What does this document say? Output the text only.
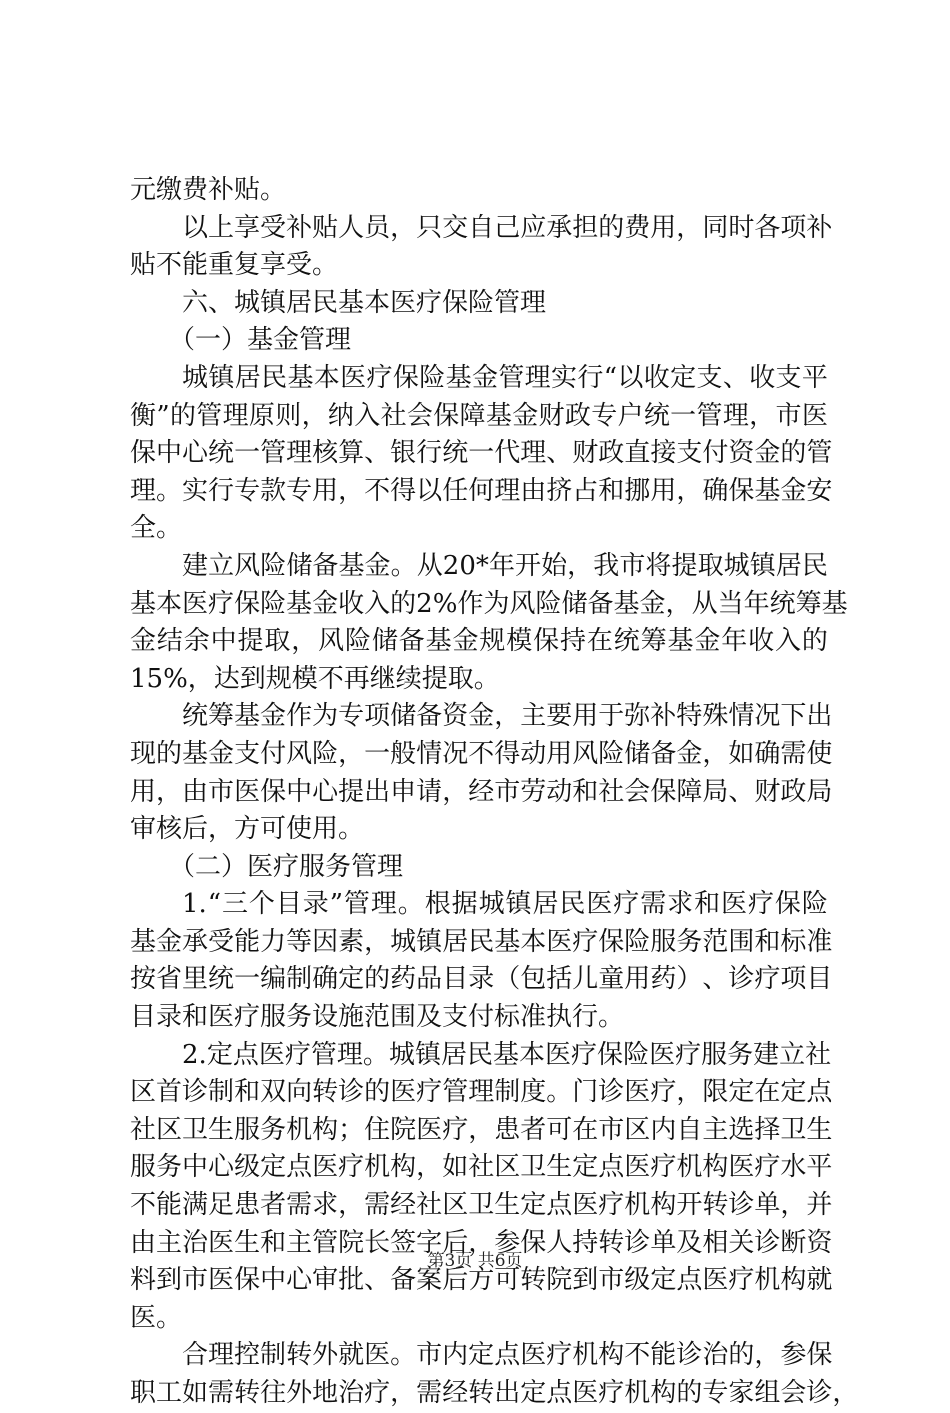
元缴费补贴。
以 上 享 受 补 贴 人 员 ， 只 交 自 己 应 承 担 的 费 用 ， 同 时 各 项 补
贴不能重复享受。
六、城镇居民基本医疗保险管理
（一）基金管理
城 镇 居 民 基 本 医 疗 保 险 基 金 管 理 实 行 “ 以 收 定 支 、 收 支 平
衡 ” 的 管 理 原 则 ， 纳 入 社 会 保 障 基 金 财 政 专 户 统 一 管 理 ， 市 医
保 中 心 统 一 管 理 核 算 、 银 行 统 一 代 理 、 财 政 直 接 支 付 资 金 的 管
理 。 实 行 专 款 专 用 ， 不 得 以 任 何 理 由 挤 占 和 挪 用 ， 确 保 基 金 安
全。
建 立 风 险 储 备 基 金 。 从 20* 年 开 始 ， 我 市 将 提 取 城 镇 居 民
基 本 医 疗 保 险 基 金 收 入 的 2% 作 为 风 险 储 备 基 金 ， 从 当 年 统 筹 基
金 结 余 中 提 取 ， 风 险 储 备 基 金 规 模 保 持 在 统 筹 基 金 年 收 入 的
15%，达到规模不再继续提取。
统 筹 基 金 作 为 专 项 储 备 资 金 ， 主 要 用 于 弥 补 特 殊 情 况 下 出
现 的 基 金 支 付 风 险 ， 一 般 情 况 不 得 动 用 风 险 储 备 金 ， 如 确 需 使
用 ， 由 市 医 保 中 心 提 出 申 请 ， 经 市 劳 动 和 社 会 保 障 局 、 财 政 局
审核后，方可使用。
（二）医疗服务管理
1. “ 三 个 目 录 ” 管 理 。 根 据 城 镇 居 民 医 疗 需 求 和 医 疗 保 险
基 金 承 受 能 力 等 因 素 ， 城 镇 居 民 基 本 医 疗 保 险 服 务 范 围 和 标 准
按 省 里 统 一 编 制 确 定 的 药 品 目 录 （ 包 括 儿 童 用 药 ） 、 诊 疗 项 目
目录和医疗服务设施范围及支付标准执行。
2. 定 点 医 疗 管 理 。 城 镇 居 民 基 本 医 疗 保 险 医 疗 服 务 建 立 社
区 首 诊 制 和 双 向 转 诊 的 医 疗 管 理 制 度 。 门 诊 医 疗 ， 限 定 在 定 点
社 区 卫 生 服 务 机 构 ； 住 院 医 疗 ， 患 者 可 在 市 区 内 自 主 选 择 卫 生
服 务 中 心 级 定 点 医 疗 机 构 ， 如 社 区 卫 生 定 点 医 疗 机 构 医 疗 水 平
不 能 满 足 患 者 需 求 ， 需 经 社 区 卫 生 定 点 医 疗 机 构 开 转 诊 单 ， 并
由 主 治 医 生 和 主 管 院 长 签 字 后 ， 参 保 人 持 转 诊 单 及 相 关 诊 断 资
料 到 市 医 保 中 心 审 批 、 备 案 后 方 可 转 院 到 市 级 定 点 医 疗 机 构 就
医。
合 理 控 制 转 外 就 医 。 市 内 定 点 医 疗 机 构 不 能 诊 治 的 ， 参 保
职 工 如 需 转 往 外 地 治 疗 ， 需 经 转 出 定 点 医 疗 机 构 的 专 家 组 会 诊 ，
第3页 共6页
